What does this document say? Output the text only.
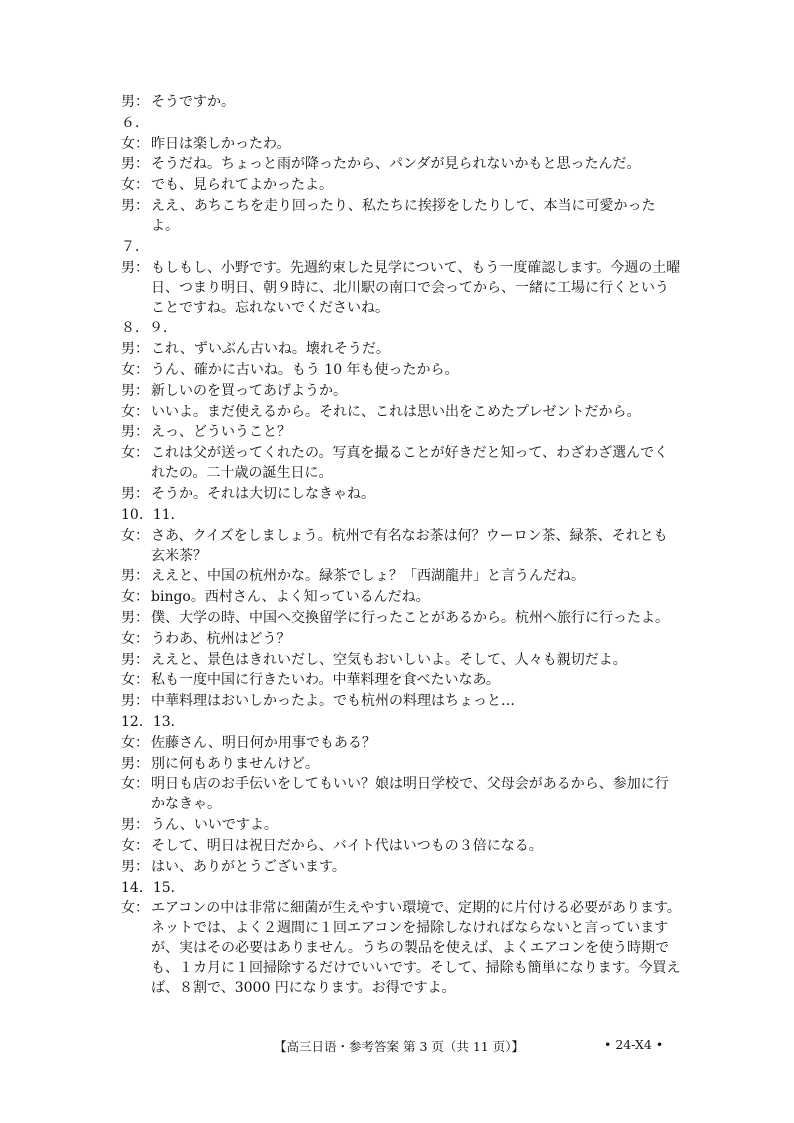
男： そうですか。
６．
女： 昨日は楽しかったわ。
男： そうだね。ちょっと雨が降ったから、パンダが見られないかもと思ったんだ。
女： でも、見られてよかったよ。
男： ええ、あちこちを走り回ったり、私たちに挨拶をしたりして、本当に可愛かったよ。
７．
男： もしもし、小野です。先週約束した見学について、もう一度確認します。今週の土曜日、つまり明日、朝９時に、北川駅の南口で会ってから、一緒に工場に行くということですね。忘れないでくださいね。
８．９．
男： これ、ずいぶん古いね。壊れそうだ。
女： うん、確かに古いね。もう 10 年も使ったから。
男： 新しいのを買ってあげようか。
女： いいよ。まだ使えるから。それに、これは思い出をこめたプレゼントだから。
男： えっ、どういうこと？
女： これは父が送ってくれたの。写真を撮ることが好きだと知って、わざわざ選んでくれたの。二十歳の誕生日に。
男： そうか。それは大切にしなきゃね。
10．11．
女： さあ、クイズをしましょう。杭州で有名なお茶は何？ウーロン茶、緑茶、それとも玄米茶？
男： ええと、中国の杭州かな。緑茶でしょ？「西湖龍井」と言うんだね。
女： bingo。西村さん、よく知っているんだね。
男： 僕、大学の時、中国へ交換留学に行ったことがあるから。杭州へ旅行に行ったよ。
女： うわあ、杭州はどう？
男： ええと、景色はきれいだし、空気もおいしいよ。そして、人々も親切だよ。
女： 私も一度中国に行きたいわ。中華料理を食べたいなあ。
男： 中華料理はおいしかったよ。でも杭州の料理はちょっと…
12．13．
女： 佐藤さん、明日何か用事でもある？
男： 別に何もありませんけど。
女： 明日も店のお手伝いをしてもいい？娘は明日学校で、父母会があるから、参加に行かなきゃ。
男： うん、いいですよ。
女： そして、明日は祝日だから、バイト代はいつもの３倍になる。
男： はい、ありがとうございます。
14．15．
女： エアコンの中は非常に細菌が生えやすい環境で、定期的に片付ける必要があります。ネットでは、よく２週間に１回エアコンを掃除しなければならないと言っていますが、実はその必要はありません。うちの製品を使えば、よくエアコンを使う時期でも、１カ月に１回掃除するだけでいいです。そして、掃除も簡単になります。今買えば、８割で、3000 円になります。お得ですよ。
【高三日语・参考答案 第 3 页（共 11 页）】	• 24-X4 •
